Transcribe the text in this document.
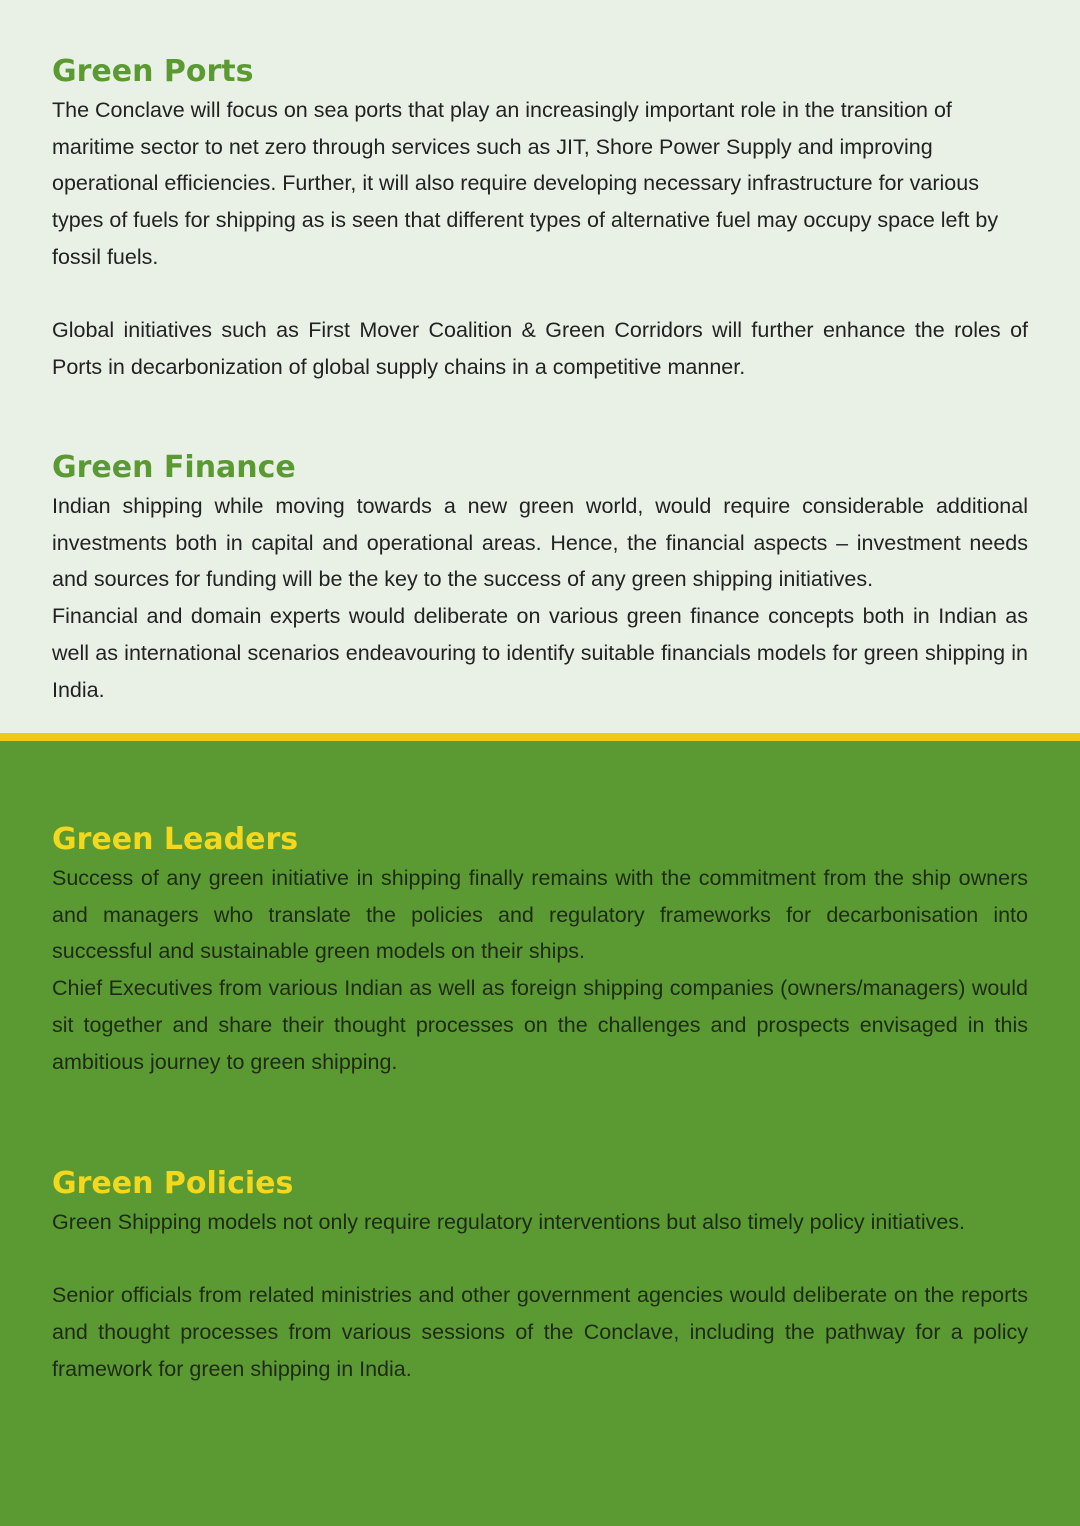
Green Ports

The Conclave will focus on sea ports that play an increasingly important role in the transition of maritime sector to net zero through services such as JIT, Shore Power Supply and improving operational efficiencies. Further, it will also require developing necessary infrastructure for various types of fuels for shipping as is seen that different types of alternative fuel may occupy space left by fossil fuels.

Global initiatives such as First Mover Coalition & Green Corridors will further enhance the roles of Ports in decarbonization of global supply chains in a competitive manner.

Green Finance

Indian shipping while moving towards a new green world, would require considerable additional investments both in capital and operational areas. Hence, the financial aspects – investment needs and sources for funding will be the key to the success of any green shipping initiatives.

Financial and domain experts would deliberate on various green finance concepts both in Indian as well as international scenarios endeavouring to identify suitable financials models for green shipping in India.

Green Leaders

Success of any green initiative in shipping finally remains with the commitment from the ship owners and managers who translate the policies and regulatory frameworks for decarbonisation into successful and sustainable green models on their ships.

Chief Executives from various Indian as well as foreign shipping companies (owners/managers) would sit together and share their thought processes on the challenges and prospects envisaged in this ambitious journey to green shipping.

Green Policies

Green Shipping models not only require regulatory interventions but also timely policy initiatives.

Senior officials from related ministries and other government agencies would deliberate on the reports and thought processes from various sessions of the Conclave, including the pathway for a policy framework for green shipping in India.
